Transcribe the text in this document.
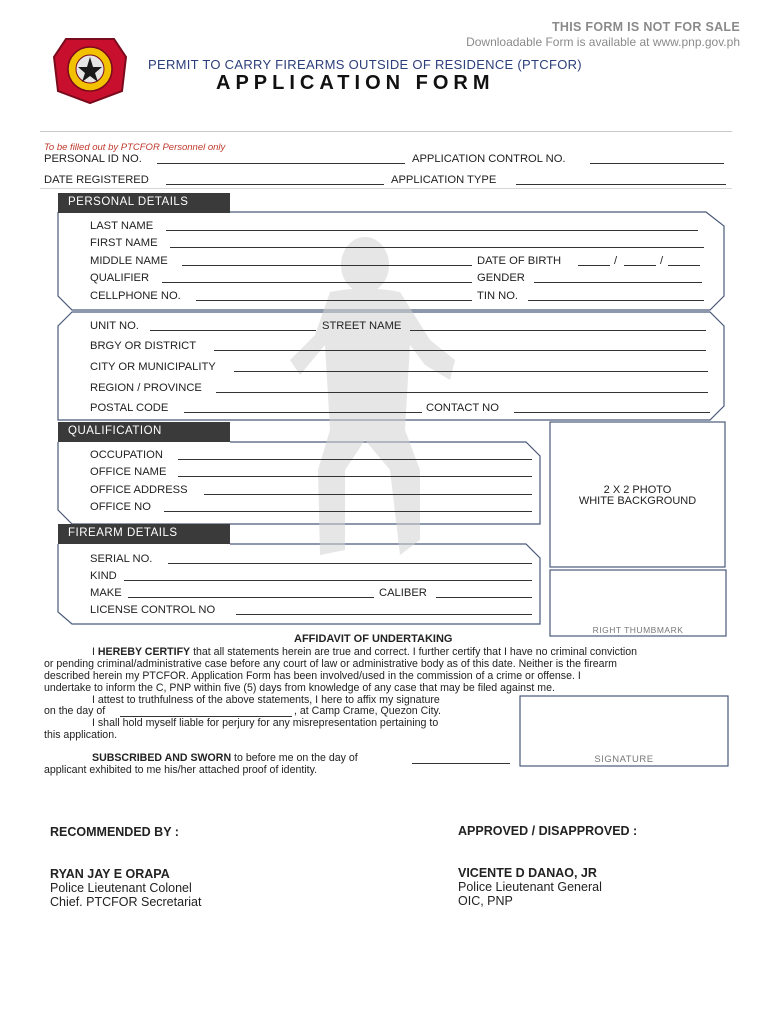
THIS FORM IS NOT FOR SALE
Downloadable Form is available at www.pnp.gov.ph
PERMIT TO CARRY FIREARMS OUTSIDE OF RESIDENCE (PTCFOR)
APPLICATION FORM
To be filled out by PTCFOR Personnel only
PERSONAL ID NO.	APPLICATION CONTROL NO.
DATE REGISTERED	APPLICATION TYPE
PERSONAL DETAILS
LAST NAME
FIRST NAME
MIDDLE NAME	DATE OF BIRTH	/	/
QUALIFIER	GENDER
CELLPHONE NO.	TIN NO.
UNIT NO.	STREET NAME
BRGY OR DISTRICT
CITY OR MUNICIPALITY
REGION / PROVINCE
POSTAL CODE	CONTACT NO
QUALIFICATION
OCCUPATION
OFFICE NAME
OFFICE ADDRESS
OFFICE NO
2 X 2 PHOTO
WHITE BACKGROUND
RIGHT THUMBMARK
FIREARM DETAILS
SERIAL NO.
KIND
MAKE	CALIBER
LICENSE CONTROL NO
AFFIDAVIT OF UNDERTAKING
I HEREBY CERTIFY that all statements herein are true and correct. I further certify that I have no criminal conviction
or pending criminal/administrative case before any court of law or administrative body as of this date. Neither is the firearm
described herein my PTCFOR. Application Form has been involved/used in the commission of a crime or offense. I
undertake to inform the C, PNP within five (5) days from knowledge of any case that may be filed against me.
I attest to truthfulness of the above statements, I here to affix my signature
on the day of	, at Camp Crame, Quezon City.
I shall hold myself liable for perjury for any misrepresentation pertaining to
this application.
SUBSCRIBED AND SWORN to before me on the day of
applicant exhibited to me his/her attached proof of identity.
SIGNATURE
RECOMMENDED BY :
RYAN JAY E ORAPA
Police Lieutenant Colonel
Chief. PTCFOR Secretariat
APPROVED / DISAPPROVED :
VICENTE D DANAO, JR
Police Lieutenant General
OIC, PNP
